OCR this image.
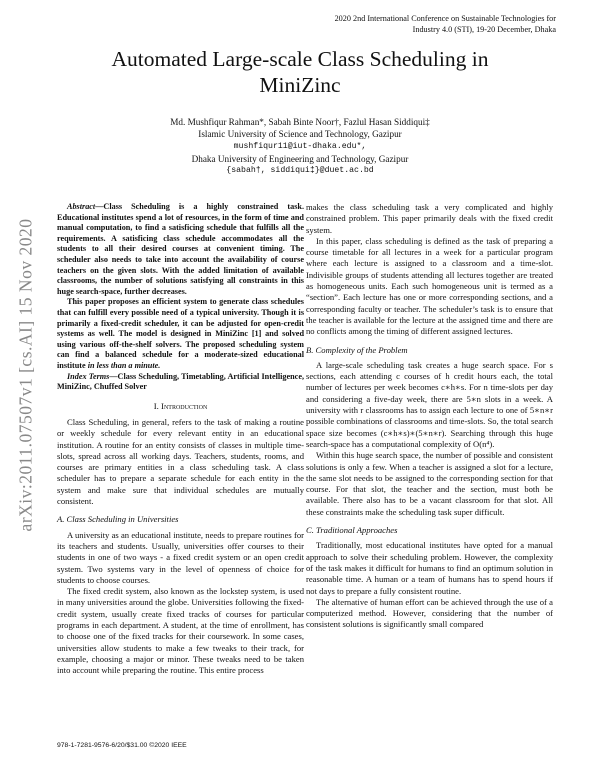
2020 2nd International Conference on Sustainable Technologies for
Industry 4.0 (STI), 19-20 December, Dhaka
arXiv:2011.07507v1 [cs.AI] 15 Nov 2020
Automated Large-scale Class Scheduling in
MiniZinc
Md. Mushfiqur Rahman*, Sabah Binte Noor†, Fazlul Hasan Siddiqui‡
Islamic University of Science and Technology, Gazipur
mushfiqur11@iut-dhaka.edu*,
Dhaka University of Engineering and Technology, Gazipur
{sabah†, siddiqui‡}@duet.ac.bd

Abstract—Class Scheduling is a highly constrained task. Educational institutes spend a lot of resources, in the form of time and manual computation, to find a satisficing schedule that fulfills all the requirements. A satisficing class schedule accommodates all the students to all their desired courses at convenient timing. The scheduler also needs to take into account the availability of course teachers on the given slots. With the added limitation of available classrooms, the number of solutions satisfying all constraints in this huge search-space, further decreases.

This paper proposes an efficient system to generate class schedules that can fulfill every possible need of a typical university. Though it is primarily a fixed-credit scheduler, it can be adjusted for open-credit systems as well. The model is designed in MiniZinc [1] and solved using various off-the-shelf solvers. The proposed scheduling system can find a balanced schedule for a moderate-sized educational institute in less than a minute.

Index Terms—Class Scheduling, Timetabling, Artificial Intelligence, MiniZinc, Chuffed Solver

I. Introduction

Class Scheduling, in general, refers to the task of making a routine or weekly schedule for every relevant entity in an educational institution. A routine for an entity consists of classes in multiple time-slots, spread across all working days. Teachers, students, rooms, and courses are primary entities in a class scheduling task. A class scheduler has to prepare a separate schedule for each entity in the system and make sure that individual schedules are mutually consistent.

A. Class Scheduling in Universities

A university as an educational institute, needs to prepare routines for its teachers and students. Usually, universities offer courses to their students in one of two ways - a fixed credit system or an open credit system. Two systems vary in the level of openness of choice for students to choose courses.

The fixed credit system, also known as the lockstep system, is used in many universities around the globe. Universities following the fixed-credit system, usually create fixed tracks of courses for particular programs in each department. A student, at the time of enrollment, has to choose one of the fixed tracks for their coursework. In some cases, universities allow students to make a few tweaks to their track, for example, choosing a major or minor. These tweaks need to be taken into account while preparing the routine. This entire process

makes the class scheduling task a very complicated and highly constrained problem. This paper primarily deals with the fixed credit system.

In this paper, class scheduling is defined as the task of preparing a course timetable for all lectures in a week for a particular program where each lecture is assigned to a classroom and a time-slot. Indivisible groups of students attending all lectures together are treated as homogeneous units. Each such homogeneous unit is termed as a “section”. Each lecture has one or more corresponding sections, and a corresponding faculty or teacher. The scheduler’s task is to ensure that the teacher is available for the lecture at the assigned time and there are no conflicts among the timing of different assigned lectures.

B. Complexity of the Problem

A large-scale scheduling task creates a huge search space. For s sections, each attending c courses of h credit hours each, the total number of lectures per week becomes c∗h∗s. For n time-slots per day and considering a five-day week, there are 5∗n slots in a week. A university with r classrooms has to assign each lecture to one of 5∗n∗r possible combinations of classrooms and time-slots. So, the total search space size becomes (c∗h∗s)∗(5∗n∗r). Searching through this huge search-space has a computational complexity of O(n⁴).

Within this huge search space, the number of possible and consistent solutions is only a few. When a teacher is assigned a slot for a lecture, the same slot needs to be assigned to the corresponding section for that course. For that slot, the teacher and the section, must both be available. There also has to be a vacant classroom for that slot. All these constraints make the scheduling task super difficult.

C. Traditional Approaches

Traditionally, most educational institutes have opted for a manual approach to solve their scheduling problem. However, the complexity of the task makes it difficult for humans to find an optimum solution in reasonable time. A human or a team of humans has to spend hours if not days to prepare a fully consistent routine.

The alternative of human effort can be achieved through the use of a computerized method. However, considering that the number of consistent solutions is significantly small compared

978-1-7281-9576-6/20/$31.00 ©2020 IEEE
